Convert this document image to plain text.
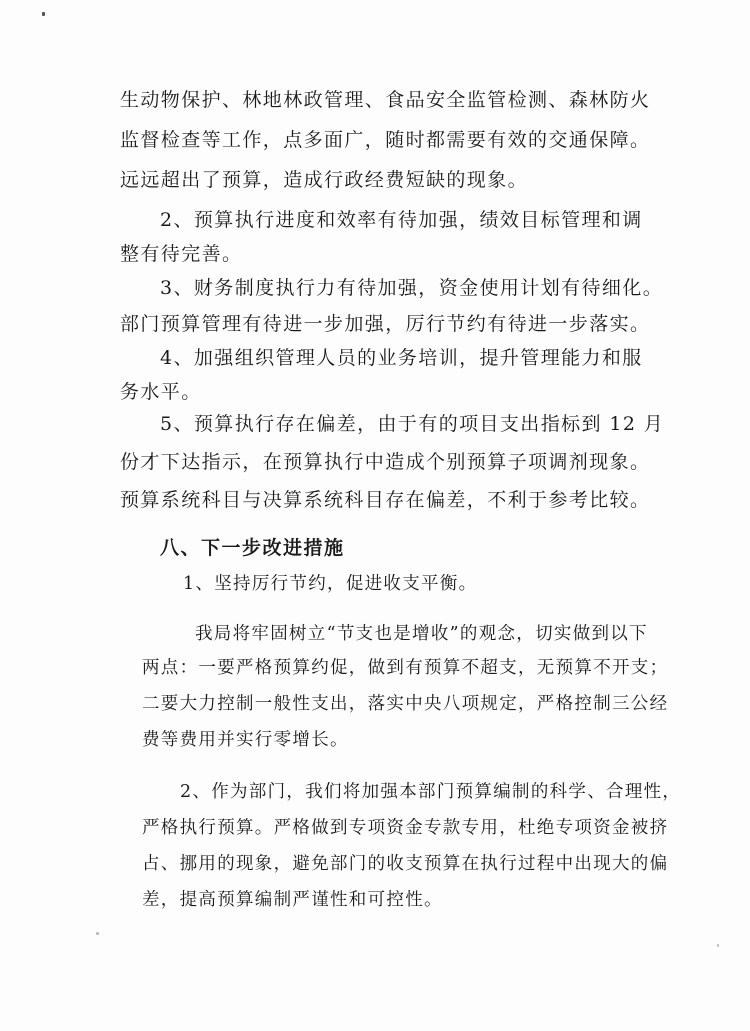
生动物保护、林地林政管理、食品安全监管检测、森林防火

监督检查等工作，点多面广，随时都需要有效的交通保障。

远远超出了预算，造成行政经费短缺的现象。

2、预算执行进度和效率有待加强，绩效目标管理和调

整有待完善。

3、财务制度执行力有待加强，资金使用计划有待细化。

部门预算管理有待进一步加强，厉行节约有待进一步落实。

4、加强组织管理人员的业务培训，提升管理能力和服

务水平。

5、预算执行存在偏差，由于有的项目支出指标到 12 月

份才下达指示，在预算执行中造成个别预算子项调剂现象。

预算系统科目与决算系统科目存在偏差，不利于参考比较。

八、下一步改进措施

1、坚持厉行节约，促进收支平衡。

我局将牢固树立“节支也是增收”的观念，切实做到以下

两点：一要严格预算约促，做到有预算不超支，无预算不开支；

二要大力控制一般性支出，落实中央八项规定，严格控制三公经

费等费用并实行零增长。

2、作为部门，我们将加强本部门预算编制的科学、合理性，

严格执行预算。严格做到专项资金专款专用，杜绝专项资金被挤

占、挪用的现象，避免部门的收支预算在执行过程中出现大的偏

差，提高预算编制严谨性和可控性。
